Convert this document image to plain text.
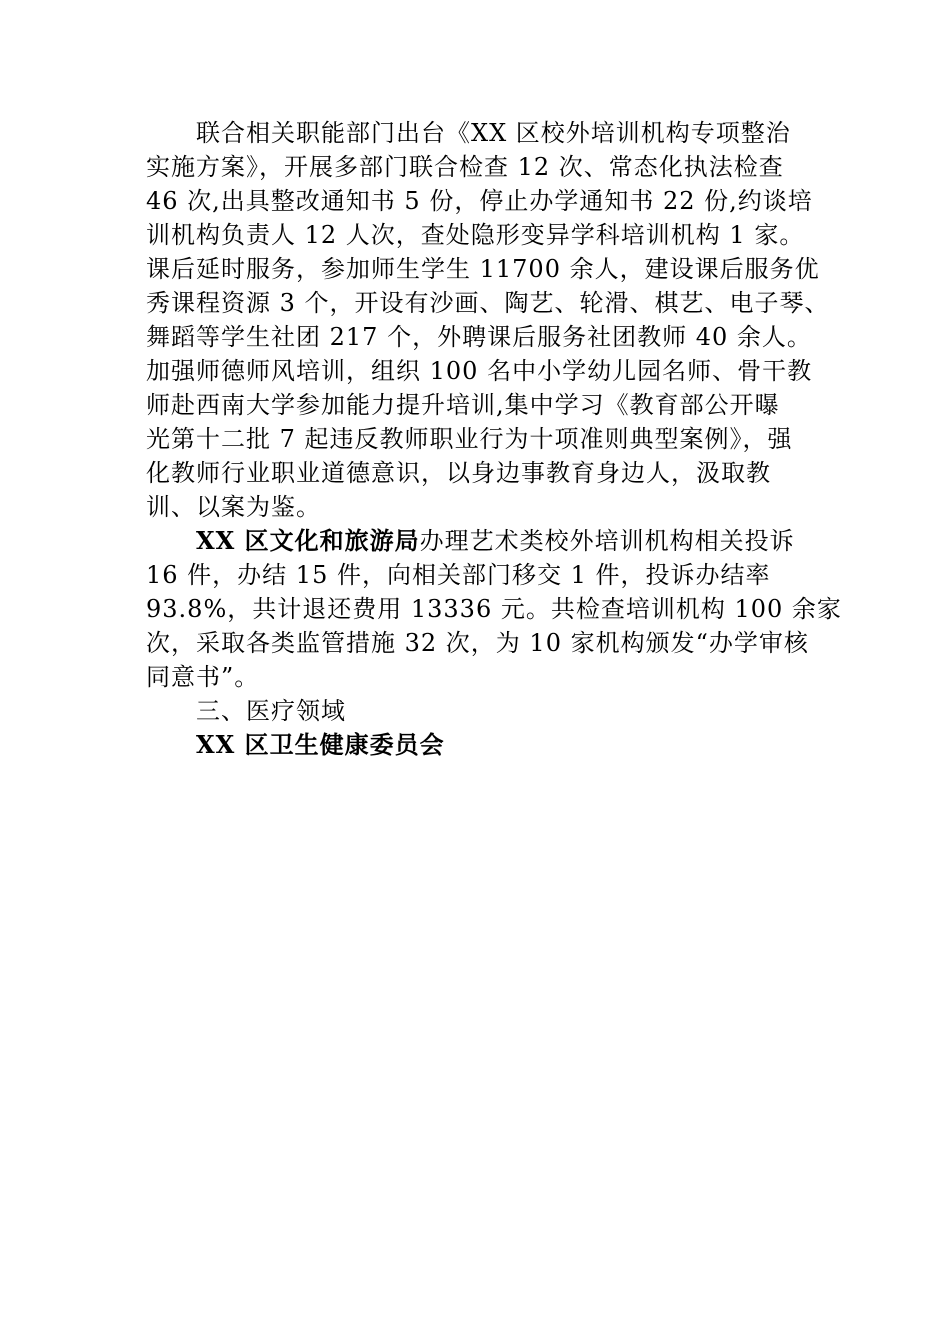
联合相关职能部门出台《XX 区校外培训机构专项整治
实施方案》，开展多部门联合检查 12 次、常态化执法检查
46 次,出具整改通知书 5 份，停止办学通知书 22 份,约谈培
训机构负责人 12 人次，查处隐形变异学科培训机构 1 家。
课后延时服务，参加师生学生 11700 余人，建设课后服务优
秀课程资源 3 个，开设有沙画、陶艺、轮滑、棋艺、电子琴、
舞蹈等学生社团 217 个，外聘课后服务社团教师 40 余人。
加强师德师风培训，组织 100 名中小学幼儿园名师、骨干教
师赴西南大学参加能力提升培训,集中学习《教育部公开曝
光第十二批 7 起违反教师职业行为十项准则典型案例》，强
化教师行业职业道德意识，以身边事教育身边人，汲取教
训、以案为鉴。
XX 区文化和旅游局办理艺术类校外培训机构相关投诉
16 件，办结 15 件，向相关部门移交 1 件，投诉办结率
93.8%，共计退还费用 13336 元。共检查培训机构 100 余家
次，采取各类监管措施 32 次，为 10 家机构颁发“办学审核
同意书”。
三、医疗领域
XX 区卫生健康委员会
